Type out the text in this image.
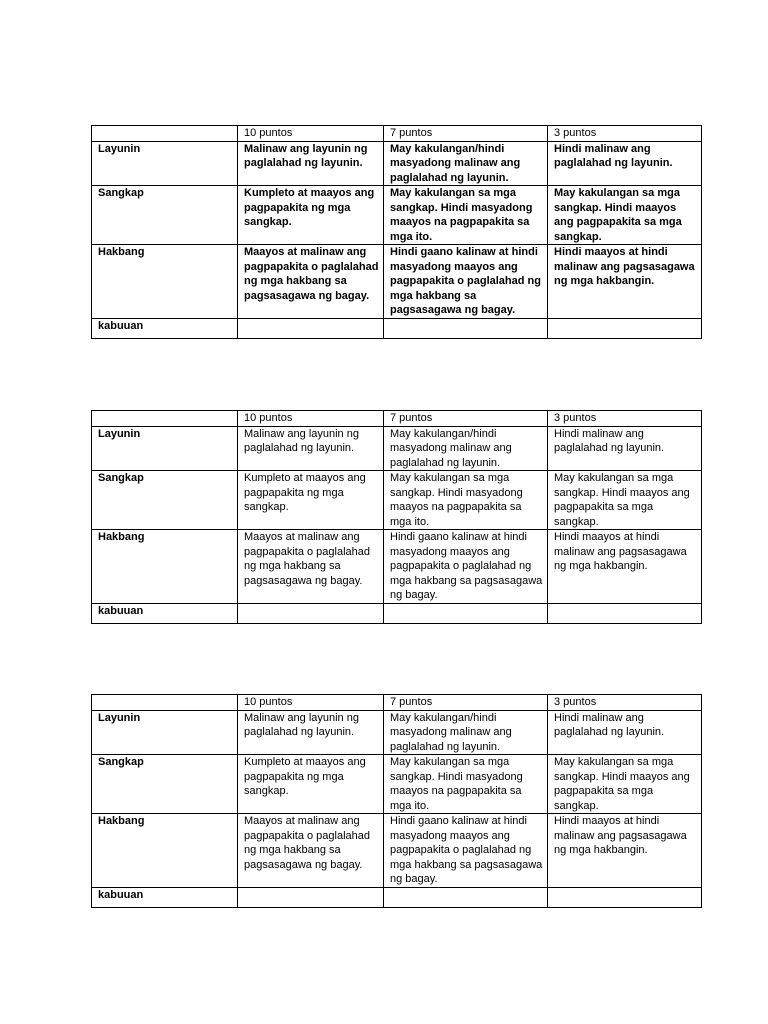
	10 puntos	7 puntos	3 puntos
Layunin	Malinaw ang layunin ng paglalahad ng layunin.	May kakulangan/hindi masyadong malinaw ang paglalahad ng layunin.	Hindi malinaw ang paglalahad ng layunin.
Sangkap	Kumpleto at maayos ang pagpapakita ng mga sangkap.	May kakulangan sa mga sangkap. Hindi masyadong maayos na pagpapakita sa mga ito.	May kakulangan sa mga sangkap. Hindi maayos ang pagpapakita sa mga sangkap.
Hakbang	Maayos at malinaw ang pagpapakita o paglalahad ng mga hakbang sa pagsasagawa ng bagay.	Hindi gaano kalinaw at hindi masyadong maayos ang pagpapakita o paglalahad ng mga hakbang sa pagsasagawa ng bagay.	Hindi maayos at hindi malinaw ang pagsasagawa ng mga hakbangin.
kabuuan			
	10 puntos	7 puntos	3 puntos
Layunin	Malinaw ang layunin ng paglalahad ng layunin.	May kakulangan/hindi masyadong malinaw ang paglalahad ng layunin.	Hindi malinaw ang paglalahad ng layunin.
Sangkap	Kumpleto at maayos ang pagpapakita ng mga sangkap.	May kakulangan sa mga sangkap. Hindi masyadong maayos na pagpapakita sa mga ito.	May kakulangan sa mga sangkap. Hindi maayos ang pagpapakita sa mga sangkap.
Hakbang	Maayos at malinaw ang pagpapakita o paglalahad ng mga hakbang sa pagsasagawa ng bagay.	Hindi gaano kalinaw at hindi masyadong maayos ang pagpapakita o paglalahad ng mga hakbang sa pagsasagawa ng bagay.	Hindi maayos at hindi malinaw ang pagsasagawa ng mga hakbangin.
kabuuan			
	10 puntos	7 puntos	3 puntos
Layunin	Malinaw ang layunin ng paglalahad ng layunin.	May kakulangan/hindi masyadong malinaw ang paglalahad ng layunin.	Hindi malinaw ang paglalahad ng layunin.
Sangkap	Kumpleto at maayos ang pagpapakita ng mga sangkap.	May kakulangan sa mga sangkap. Hindi masyadong maayos na pagpapakita sa mga ito.	May kakulangan sa mga sangkap. Hindi maayos ang pagpapakita sa mga sangkap.
Hakbang	Maayos at malinaw ang pagpapakita o paglalahad ng mga hakbang sa pagsasagawa ng bagay.	Hindi gaano kalinaw at hindi masyadong maayos ang pagpapakita o paglalahad ng mga hakbang sa pagsasagawa ng bagay.	Hindi maayos at hindi malinaw ang pagsasagawa ng mga hakbangin.
kabuuan			
